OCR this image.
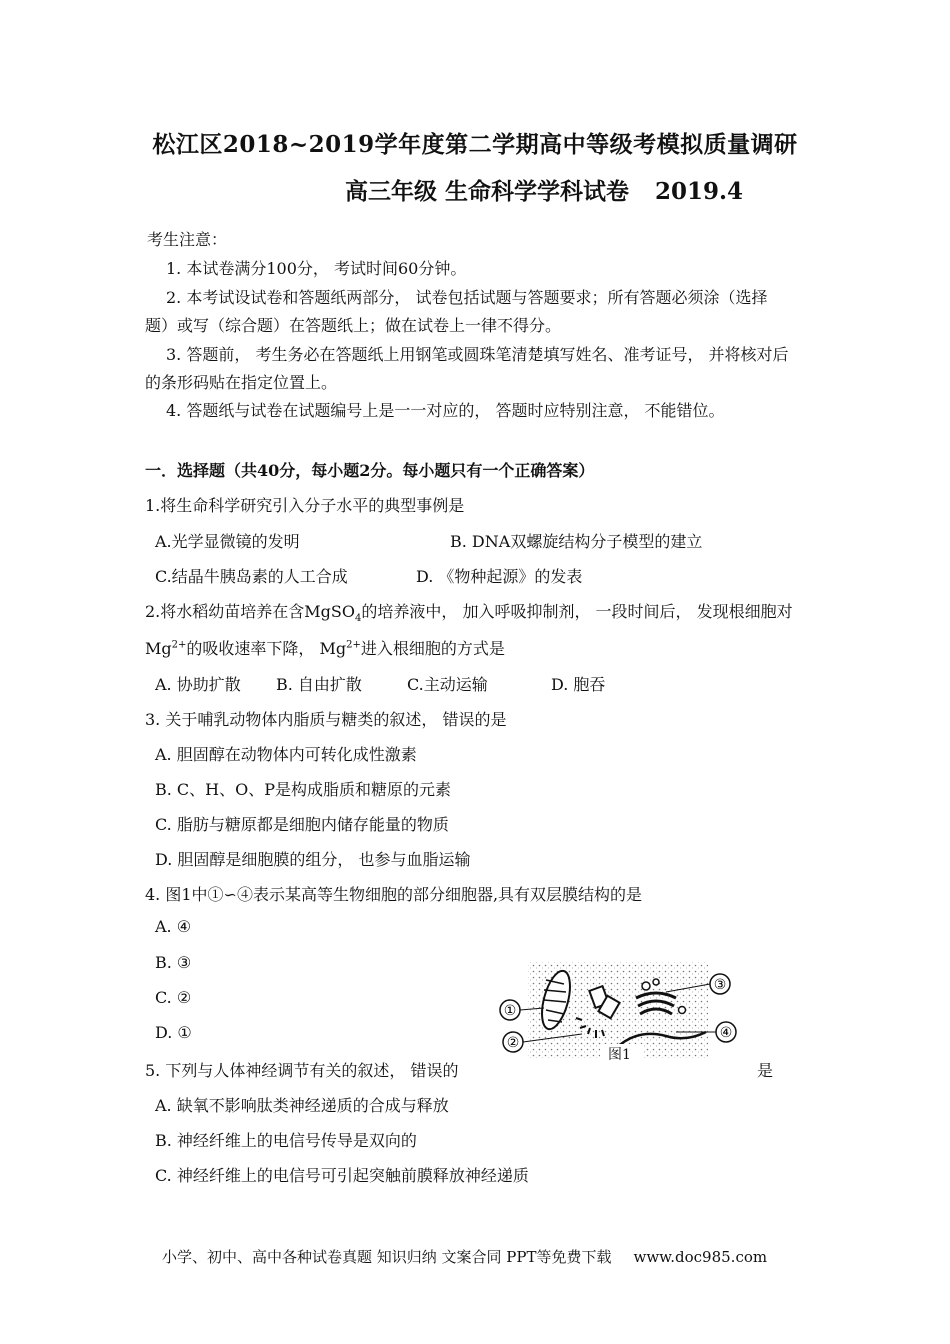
松江区2018~2019学年度第二学期高中等级考模拟质量调研
高三年级 生命科学学科试卷 2019.4
考生注意：
1. 本试卷满分100分， 考试时间60分钟。
2. 本考试设试卷和答题纸两部分， 试卷包括试题与答题要求；所有答题必须涂（选择
题）或写（综合题）在答题纸上；做在试卷上一律不得分。
3. 答题前， 考生务必在答题纸上用钢笔或圆珠笔清楚填写姓名、准考证号， 并将核对后
的条形码贴在指定位置上。
4. 答题纸与试卷在试题编号上是一一对应的， 答题时应特别注意， 不能错位。
一．选择题（共40分，每小题2分。每小题只有一个正确答案）
1.将生命科学研究引入分子水平的典型事例是
A.光学显微镜的发明	B. DNA双螺旋结构分子模型的建立
C.结晶牛胰岛素的人工合成	D. 《物种起源》的发表
2.将水稻幼苗培养在含MgSO$_4$的培养液中， 加入呼吸抑制剂， 一段时间后， 发现根细胞对
$Mg^{2+}$的吸收速率下降， $Mg^{2+}$进入根细胞的方式是
A. 协助扩散 B. 自由扩散	C.主动运输	D. 胞吞
3. 关于哺乳动物体内脂质与糖类的叙述， 错误的是
A. 胆固醇在动物体内可转化成性激素
B. C、H、O、P是构成脂质和糖原的元素
C. 脂肪与糖原都是细胞内储存能量的物质
D. 胆固醇是细胞膜的组分， 也参与血脂运输
4. 图1中①∽④表示某高等生物细胞的部分细胞器,具有双层膜结构的是
A. ④
B. ③
C. ②
D. ①
①
②
③
④
图1
5. 下列与人体神经调节有关的叙述， 错误的	是
A. 缺氧不影响肽类神经递质的合成与释放
B. 神经纤维上的电信号传导是双向的
C. 神经纤维上的电信号可引起突触前膜释放神经递质
小学、初中、高中各种试卷真题 知识归纳 文案合同 PPT等免费下载 www.doc985.com
